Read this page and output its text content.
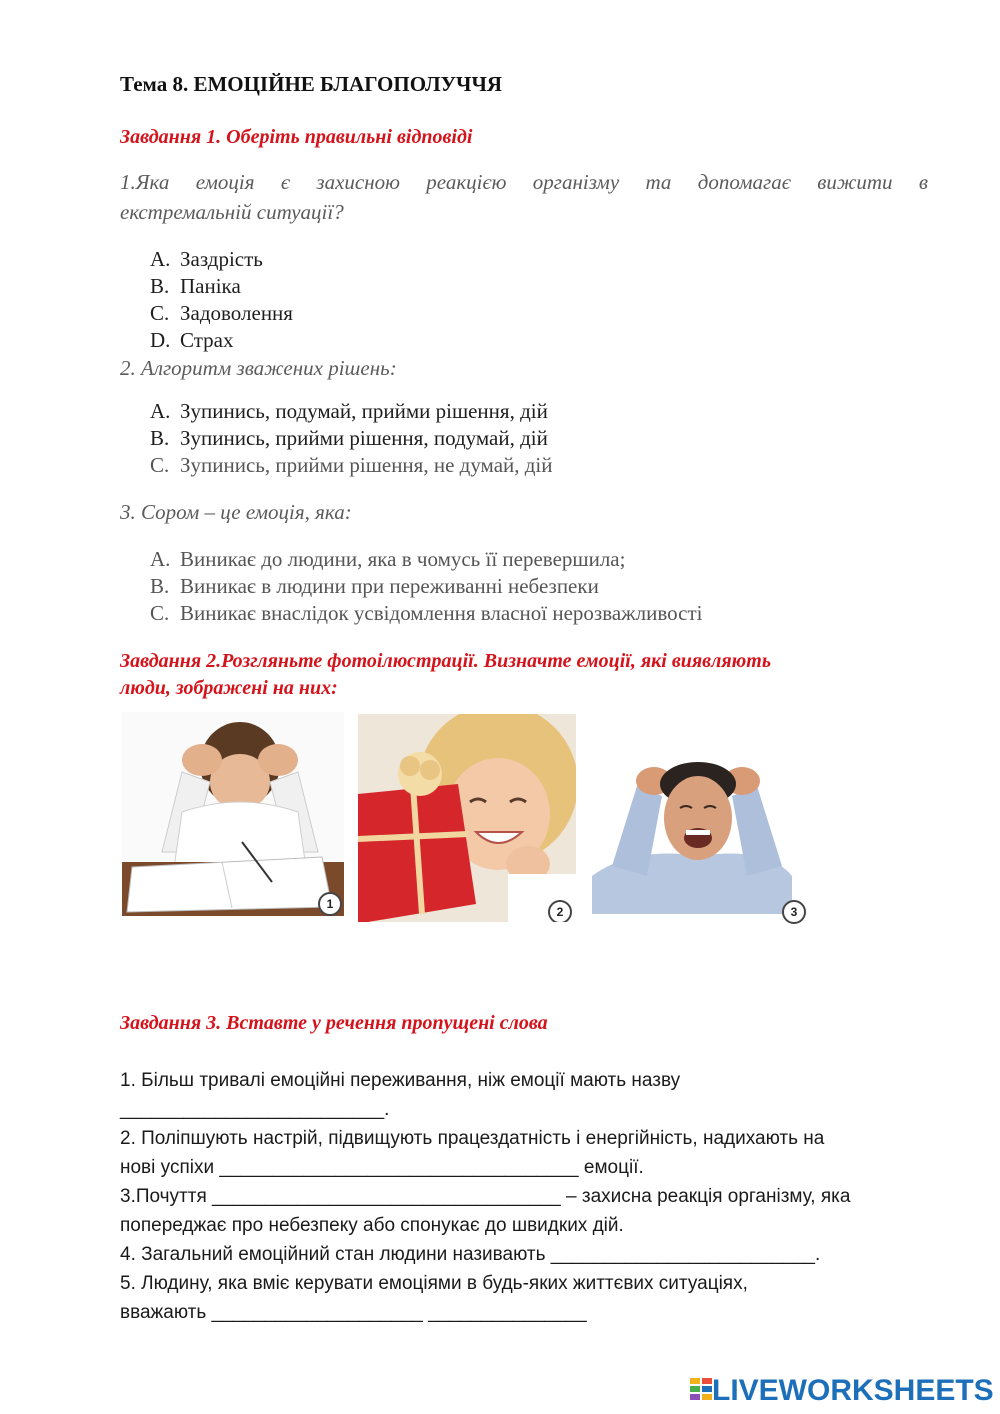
Тема 8. ЕМОЦІЙНЕ БЛАГОПОЛУЧЧЯ
Завдання 1. Оберіть правильні відповіді
1.Яка емоція є захисною реакцією організму та допомагає вижити в
екстремальній ситуації?
A. Заздрість
B. Паніка
C. Задоволення
D. Страх
2. Алгоритм зважених рішень:
A. Зупинись, подумай, прийми рішення, дій
B. Зупинись, прийми рішення, подумай, дій
C. Зупинись, прийми рішення, не думай, дій
3. Сором – це емоція, яка:
A. Виникає до людини, яка в чомусь її перевершила;
B. Виникає в людини при переживанні небезпеки
C. Виникає внаслідок усвідомлення власної нерозважливості
Завдання 2.Розгляньте фотоілюстрації. Визначте емоції, які виявляють
люди, зображені на них:
1
2	3
Завдання 3. Вставте у речення пропущені слова
1. Більш тривалі емоційні переживання, ніж емоції мають назву
_________________________.
2. Поліпшують настрій, підвищують працездатність і енергійність, надихають на
нові успіхи __________________________________ емоції.
3.Почуття _________________________________ – захисна реакція організму, яка
попереджає про небезпеку або спонукає до швидких дій.
4. Загальний емоційний стан людини називають _________________________.
5. Людину, яка вміє керувати емоціями в будь-яких життєвих ситуаціях,
вважають ____________________ _______________
LIVEWORKSHEETS
